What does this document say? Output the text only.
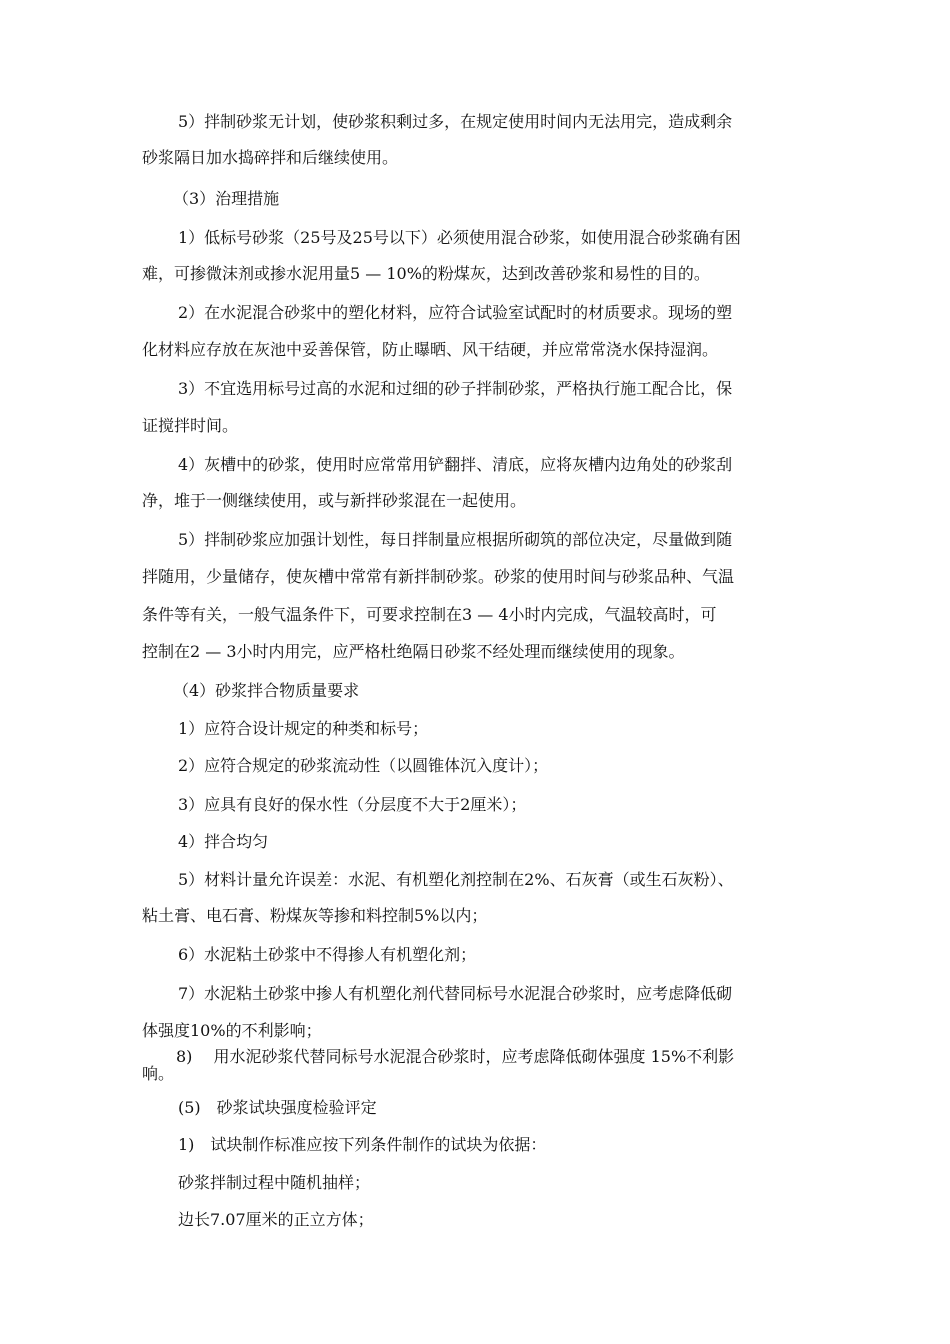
5）拌制砂浆无计划，使砂浆积剩过多，在规定使用时间内无法用完，造成剩余

砂浆隔日加水捣碎拌和后继续使用。

（3）治理措施

1）低标号砂浆（25号及25号以下）必须使用混合砂浆，如使用混合砂浆确有困

难，可掺微沫剂或掺水泥用量5 — 10%的粉煤灰，达到改善砂浆和易性的目的。

2）在水泥混合砂浆中的塑化材料，应符合试验室试配时的材质要求。现场的塑

化材料应存放在灰池中妥善保管，防止曝晒、风干结硬，并应常常浇水保持湿润。

3）不宜选用标号过高的水泥和过细的砂子拌制砂浆，严格执行施工配合比，保

证搅拌时间。

4）灰槽中的砂浆，使用时应常常用铲翻拌、清底，应将灰槽内边角处的砂浆刮

净，堆于一侧继续使用，或与新拌砂浆混在一起使用。

5）拌制砂浆应加强计划性，每日拌制量应根据所砌筑的部位决定，尽量做到随

拌随用，少量储存，使灰槽中常常有新拌制砂浆。砂浆的使用时间与砂浆品种、气温

条件等有关，一般气温条件下，可要求控制在3 — 4小时内完成，气温较高时，可

控制在2 — 3小时内用完，应严格杜绝隔日砂浆不经处理而继续使用的现象。

（4）砂浆拌合物质量要求

1）应符合设计规定的种类和标号；

2）应符合规定的砂浆流动性（以圆锥体沉入度计）；

3）应具有良好的保水性（分层度不大于2厘米）；

4）拌合均匀

5）材料计量允许误差：水泥、有机塑化剂控制在2%、石灰膏（或生石灰粉）、

粘土膏、电石膏、粉煤灰等掺和料控制5%以内；

6）水泥粘土砂浆中不得掺人有机塑化剂；

7）水泥粘土砂浆中掺人有机塑化剂代替同标号水泥混合砂浆时，应考虑降低砌

体强度10%的不利影响；

8)　 用水泥砂浆代替同标号水泥混合砂浆时，应考虑降低砌体强度 15%不利影

响。

(5)　砂浆试块强度检验评定

1)　试块制作标准应按下列条件制作的试块为依据：

砂浆拌制过程中随机抽样；

边长7.07厘米的正立方体；
